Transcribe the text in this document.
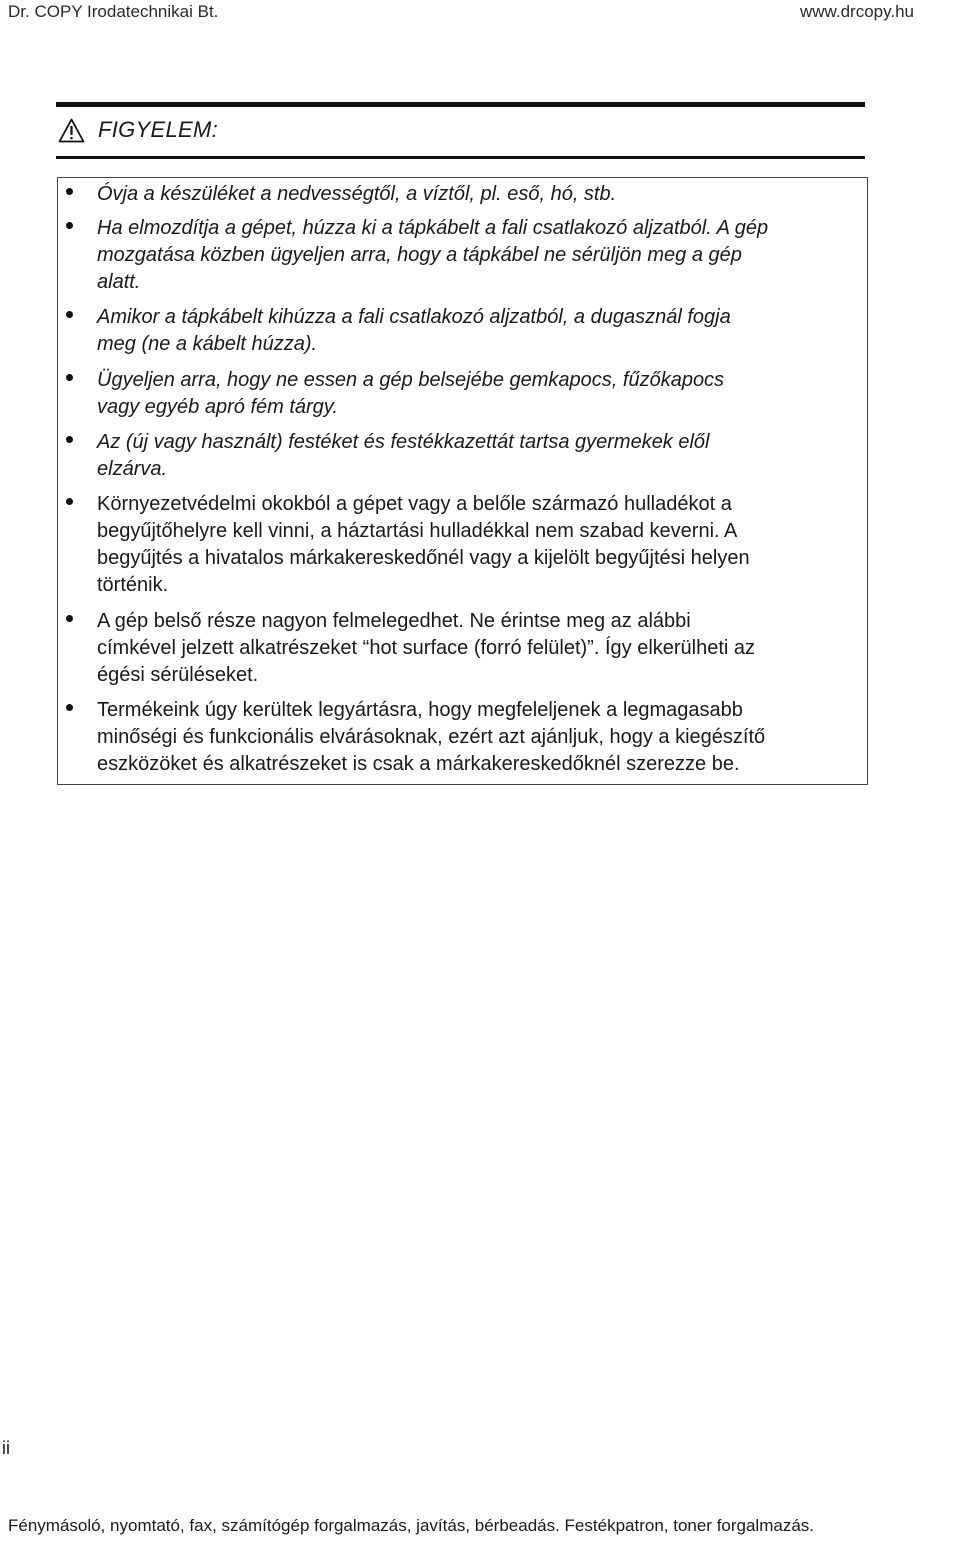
Dr. COPY Irodatechnikai Bt.	www.drcopy.hu
FIGYELEM:

Óvja a készüléket a nedvességtől, a víztől, pl. eső, hó, stb.

Ha elmozdítja a gépet, húzza ki a tápkábelt a fali csatlakozó aljzatból. A gép
mozgatása közben ügyeljen arra, hogy a tápkábel ne sérüljön meg a gép
alatt.

Amikor a tápkábelt kihúzza a fali csatlakozó aljzatból, a dugasznál fogja
meg (ne a kábelt húzza).

Ügyeljen arra, hogy ne essen a gép belsejébe gemkapocs, fűzőkapocs
vagy egyéb apró fém tárgy.

Az (új vagy használt) festéket és festékkazettát tartsa gyermekek elől
elzárva.

Környezetvédelmi okokból a gépet vagy a belőle származó hulladékot a
begyűjtőhelyre kell vinni, a háztartási hulladékkal nem szabad keverni. A
begyűjtés a hivatalos márkakereskedőnél vagy a kijelölt begyűjtési helyen
történik.

A gép belső része nagyon felmelegedhet. Ne érintse meg az alábbi
címkével jelzett alkatrészeket “hot surface (forró felület)”. Így elkerülheti az
égési sérüléseket.

Termékeink úgy kerültek legyártásra, hogy megfeleljenek a legmagasabb
minőségi és funkcionális elvárásoknak, ezért azt ajánljuk, hogy a kiegészítő
eszközöket és alkatrészeket is csak a márkakereskedőknél szerezze be.

ii
Fénymásoló, nyomtató, fax, számítógép forgalmazás, javítás, bérbeadás. Festékpatron, toner forgalmazás.
